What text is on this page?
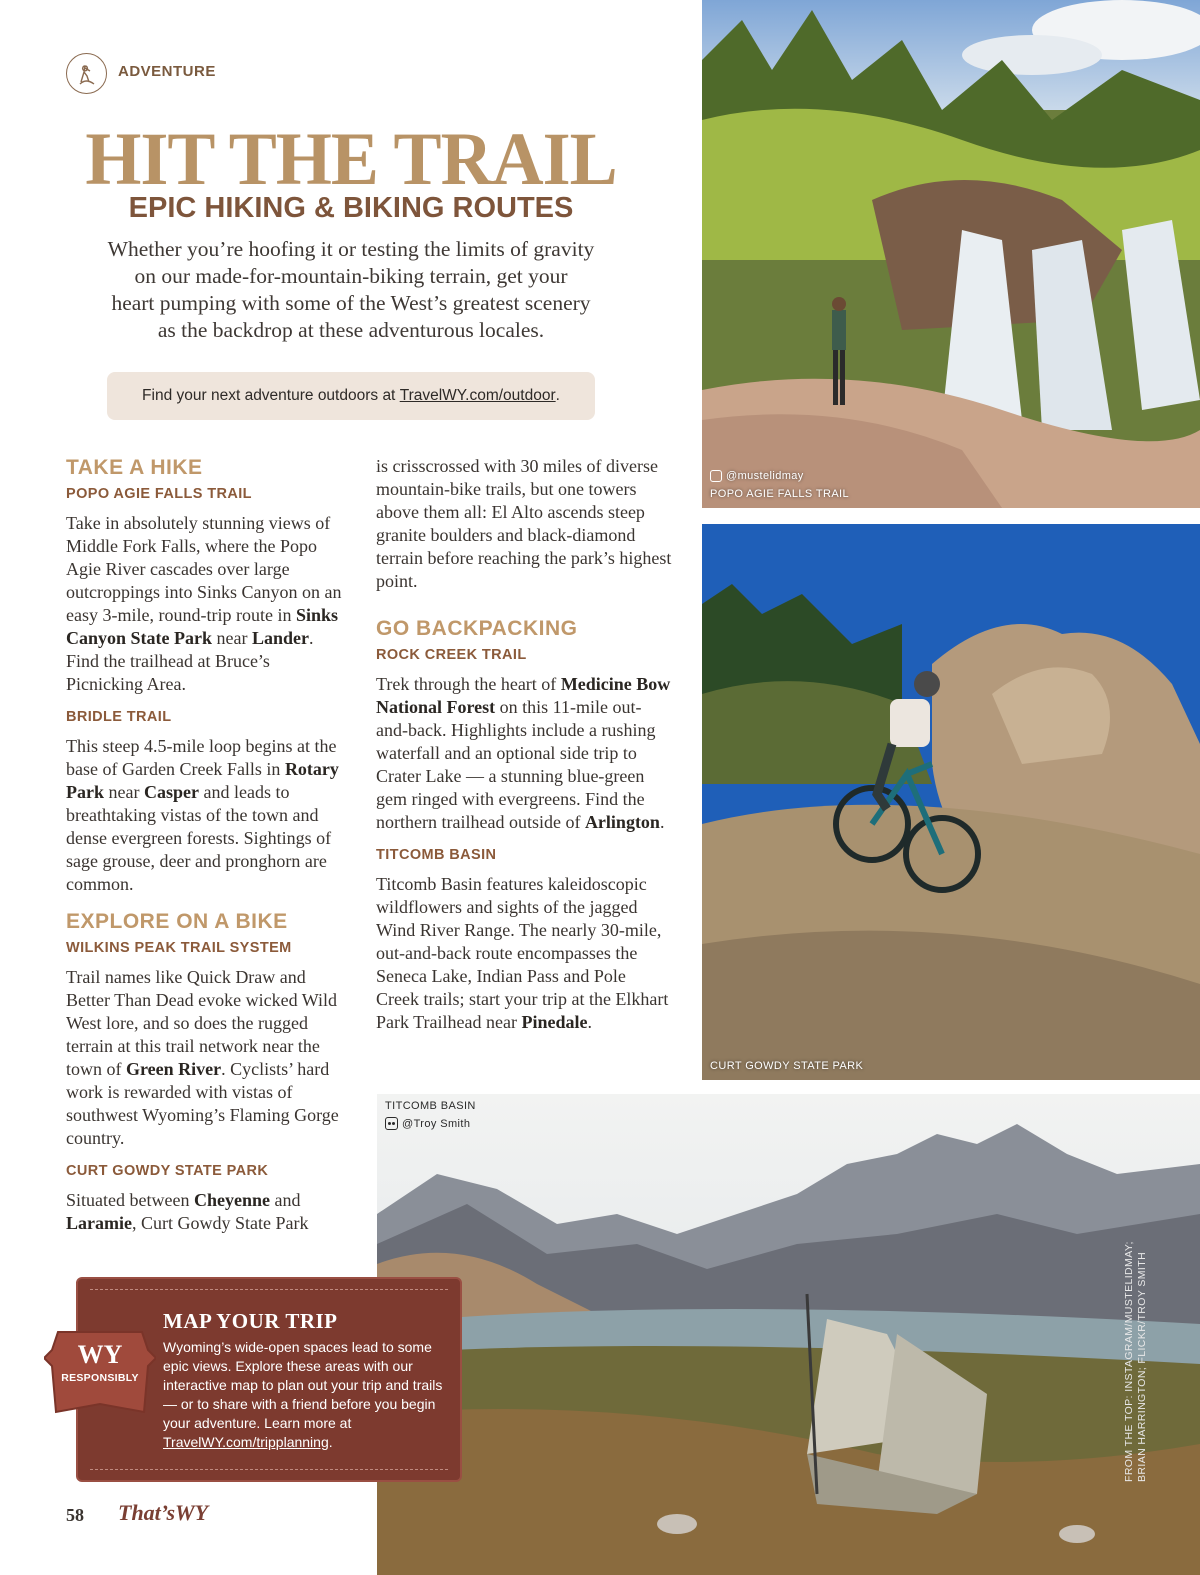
ADVENTURE
HIT THE TRAIL
EPIC HIKING & BIKING ROUTES
Whether you’re hoofing it or testing the limits of gravity
on our made-for-mountain-biking terrain, get your
heart pumping with some of the West’s greatest scenery
as the backdrop at these adventurous locales.
Find your next adventure outdoors at
TravelWY.com/outdoor .
TAKE A HIKE
POPO AGIE FALLS TRAIL

Take in absolutely stunning views of Middle Fork Falls, where the Popo Agie River cascades over large outcroppings into Sinks Canyon on an easy 3-mile, round-trip route in Sinks Canyon State Park near Lander. Find the trailhead at Bruce’s Picnicking Area.

BRIDLE TRAIL

This steep 4.5-mile loop begins at the base of Garden Creek Falls in Rotary Park near Casper and leads to breathtaking vistas of the town and dense evergreen forests. Sightings of sage grouse, deer and pronghorn are common.

EXPLORE ON A BIKE
WILKINS PEAK TRAIL SYSTEM

Trail names like Quick Draw and Better Than Dead evoke wicked Wild West lore, and so does the rugged terrain at this trail network near the town of Green River. Cyclists’ hard work is rewarded with vistas of southwest Wyoming’s Flaming Gorge country.

CURT GOWDY STATE PARK

Situated between Cheyenne and Laramie, Curt Gowdy State Park

is crisscrossed with 30 miles of diverse mountain-bike trails, but one towers above them all: El Alto ascends steep granite boulders and black-diamond terrain before reaching the park’s highest point.

GO BACKPACKING
ROCK CREEK TRAIL

Trek through the heart of Medicine Bow National Forest on this 11-mile out-and-back. Highlights include a rushing waterfall and an optional side trip to Crater Lake — a stunning blue-green gem ringed with evergreens. Find the northern trailhead outside of Arlington.

TITCOMB BASIN

Titcomb Basin features kaleidoscopic wildflowers and sights of the jagged Wind River Range. The nearly 30-mile, out-and-back route encompasses the Seneca Lake, Indian Pass and Pole Creek trails; start your trip at the Elkhart Park Trailhead near Pinedale.

@mustelidmay
POPO AGIE FALLS TRAIL
CURT GOWDY STATE PARK
TITCOMB BASIN
@Troy Smith
FROM THE TOP: INSTAGRAM/MUSTELIDMAY; BRIAN HARRINGTON; FLICKR/TROY SMITH
WY
RESPONSIBLY
MAP YOUR TRIP
Wyoming’s wide-open spaces lead to some epic views. Explore these areas with our interactive map to plan out your trip and trails — or to share with a friend before you begin your adventure. Learn more at TravelWY.com/tripplanning.
58 That’sWY
